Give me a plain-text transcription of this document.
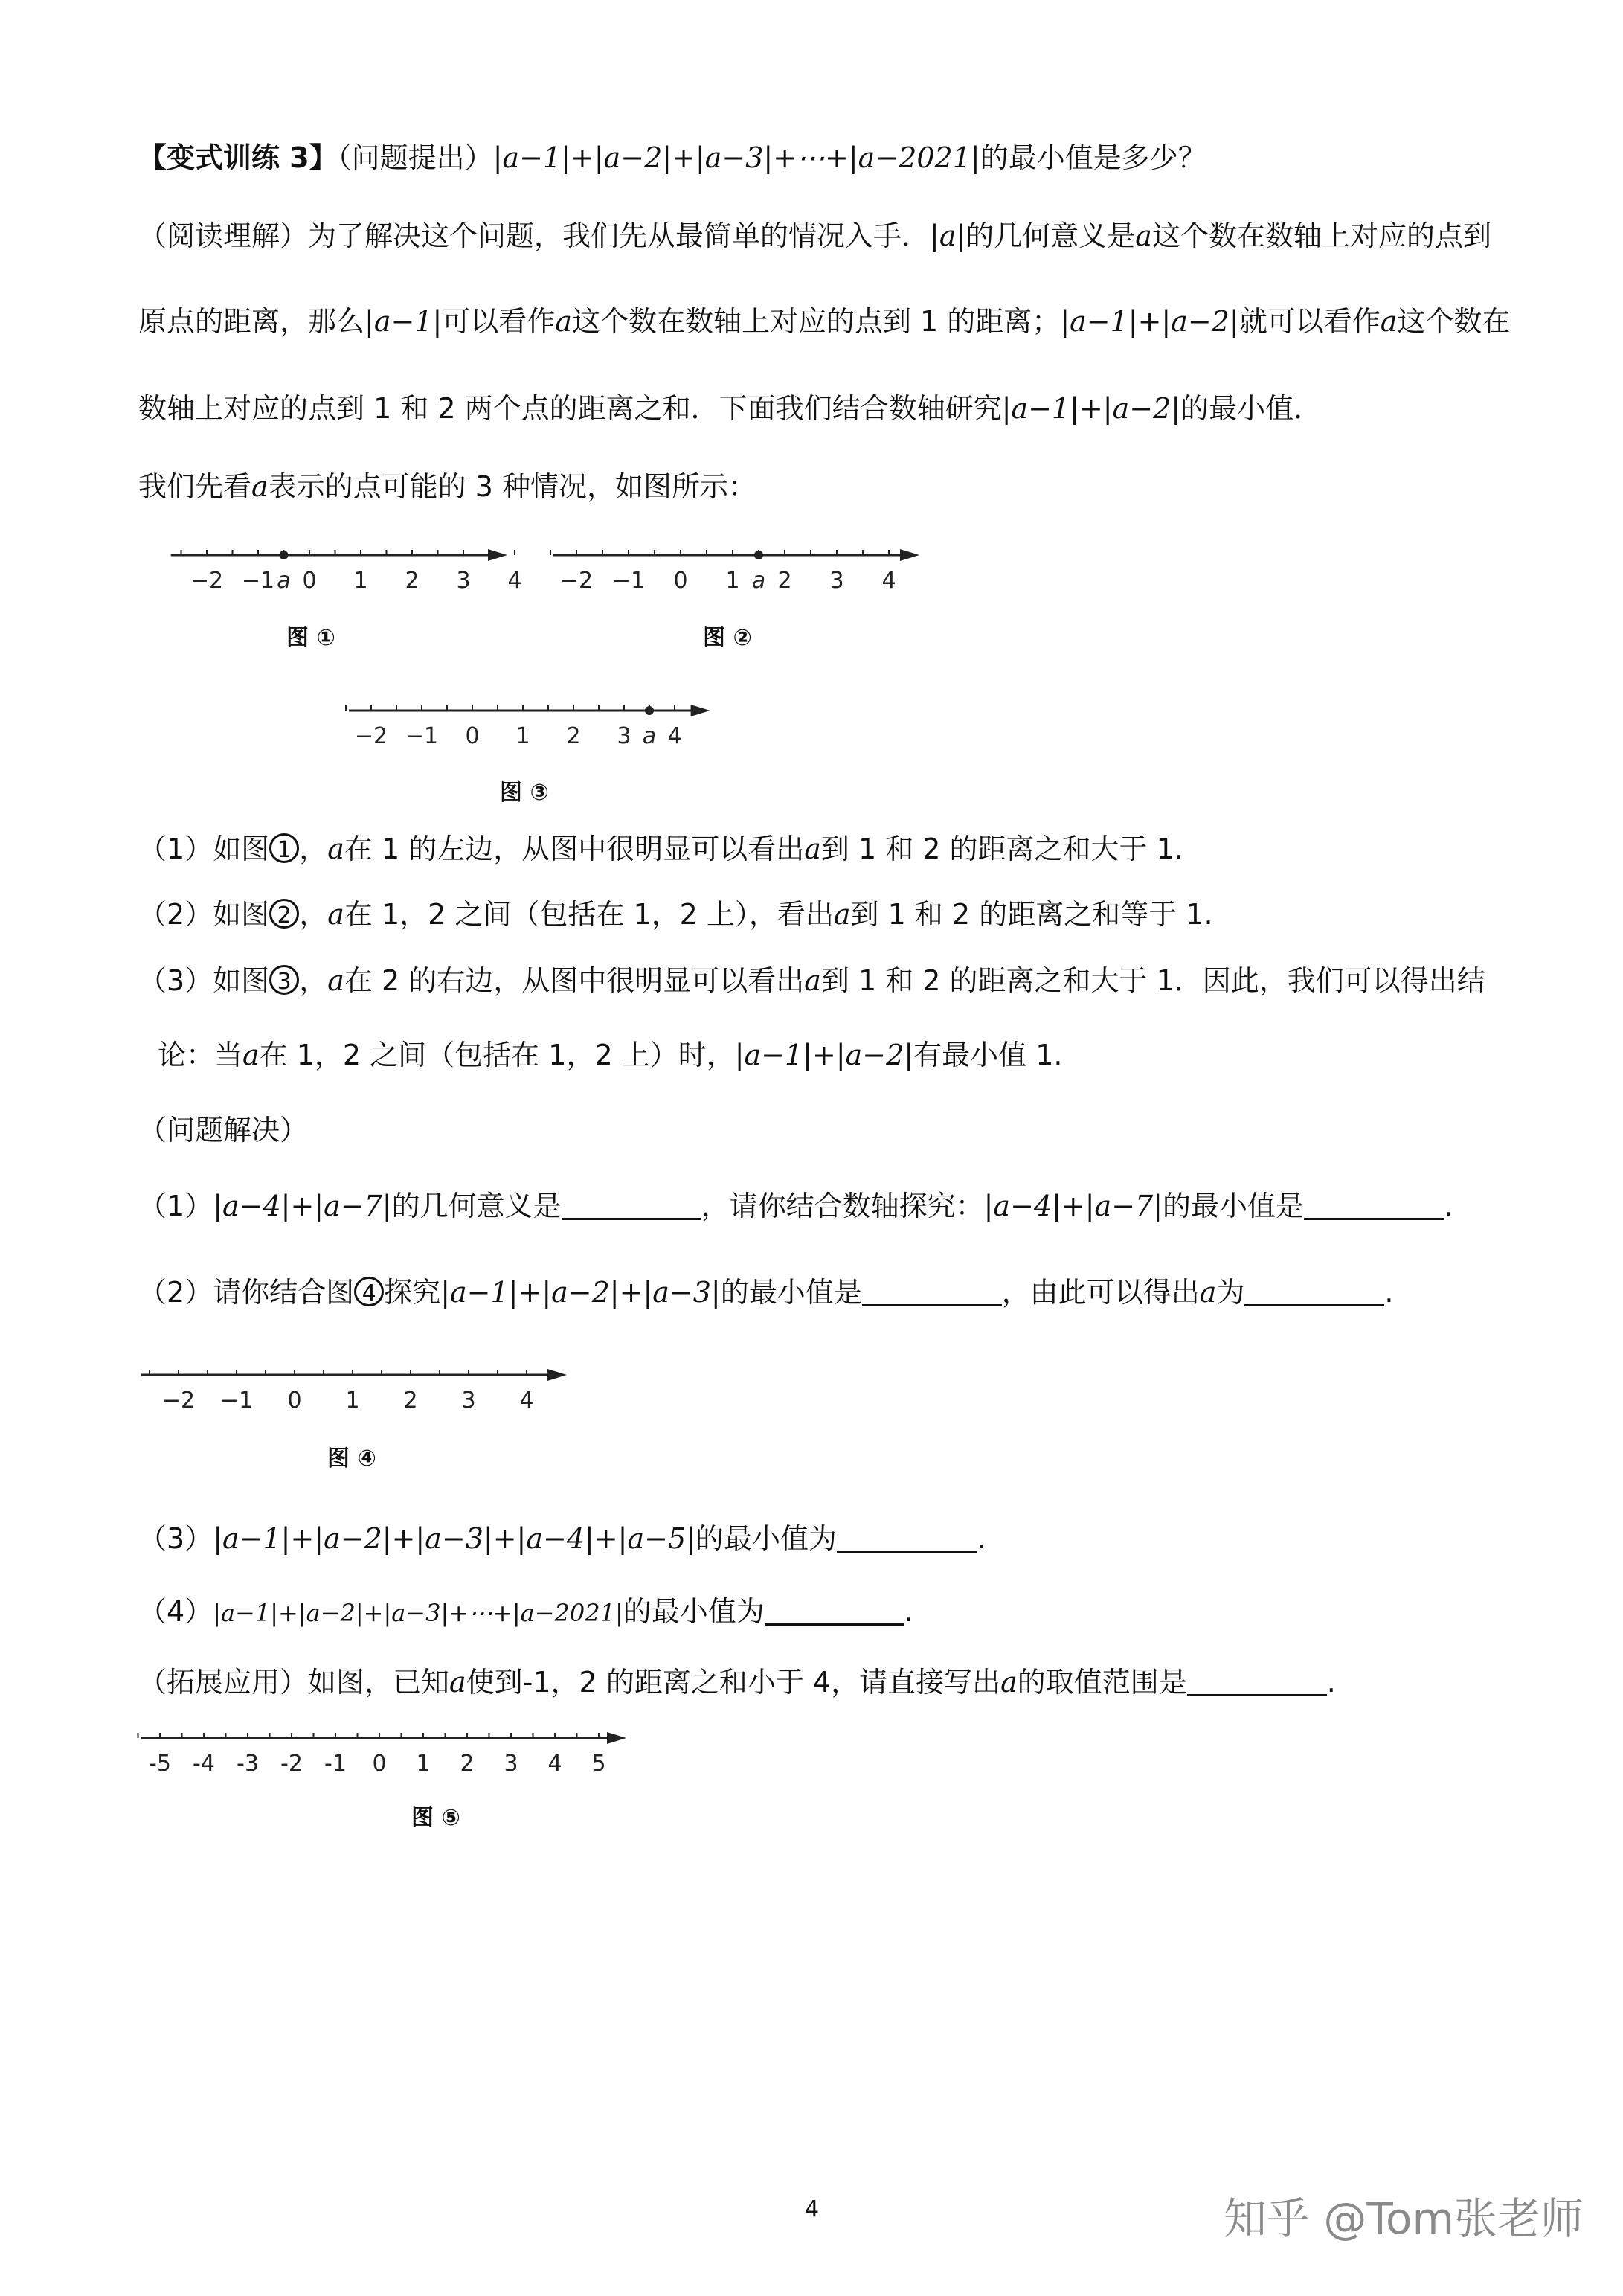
【变式训练 3】（问题提出）|a−1|+|a−2|+|a−3|+⋯+|a−2021|的最小值是多少？
（阅读理解）为了解决这个问题，我们先从最简单的情况入手．|a|的几何意义是a这个数在数轴上对应的点到
原点的距离，那么|a−1|可以看作a这个数在数轴上对应的点到 1 的距离；|a−1|+|a−2|就可以看作a这个数在
数轴上对应的点到 1 和 2 两个点的距离之和．下面我们结合数轴研究|a−1|+|a−2|的最小值．
我们先看a表示的点可能的 3 种情况，如图所示：
−2 −1 0 1 2 3 4
a
图 ①
−2 −1 0 1 2 3 4
a
图 ②
−2 −1 0 1 2 3 4
a
图 ③
（1）如图 1 ，a在 1 的左边，从图中很明显可以看出a到 1 和 2 的距离之和大于 1.
（2）如图 2 ，a在 1，2 之间（包括在 1，2 上），看出a到 1 和 2 的距离之和等于 1.
（3）如图 3 ，a在 2 的右边，从图中很明显可以看出a到 1 和 2 的距离之和大于 1．因此，我们可以得出结
论：当a在 1，2 之间（包括在 1，2 上）时，|a−1|+|a−2|有最小值 1.
（问题解决）
（1）|a−4|+|a−7|的几何意义是	，请你结合数轴探究：|a−4|+|a−7|的最小值是	.
（2）请你结合图 4 探究|a−1|+|a−2|+|a−3|的最小值是	，由此可以得出a为	.
−2 −1 0 1 2 3 4
图 ④
（3）|a−1|+|a−2|+|a−3|+|a−4|+|a−5|的最小值为	.
（4）|a−1|+|a−2|+|a−3|+⋯+|a−2021|的最小值为	.
（拓展应用）如图，已知a使到-1，2 的距离之和小于 4，请直接写出a的取值范围是	.
-5 -4 -3 -2 -1 0 1 2 3 4 5
图 ⑤
4	知乎 @Tom张老师
